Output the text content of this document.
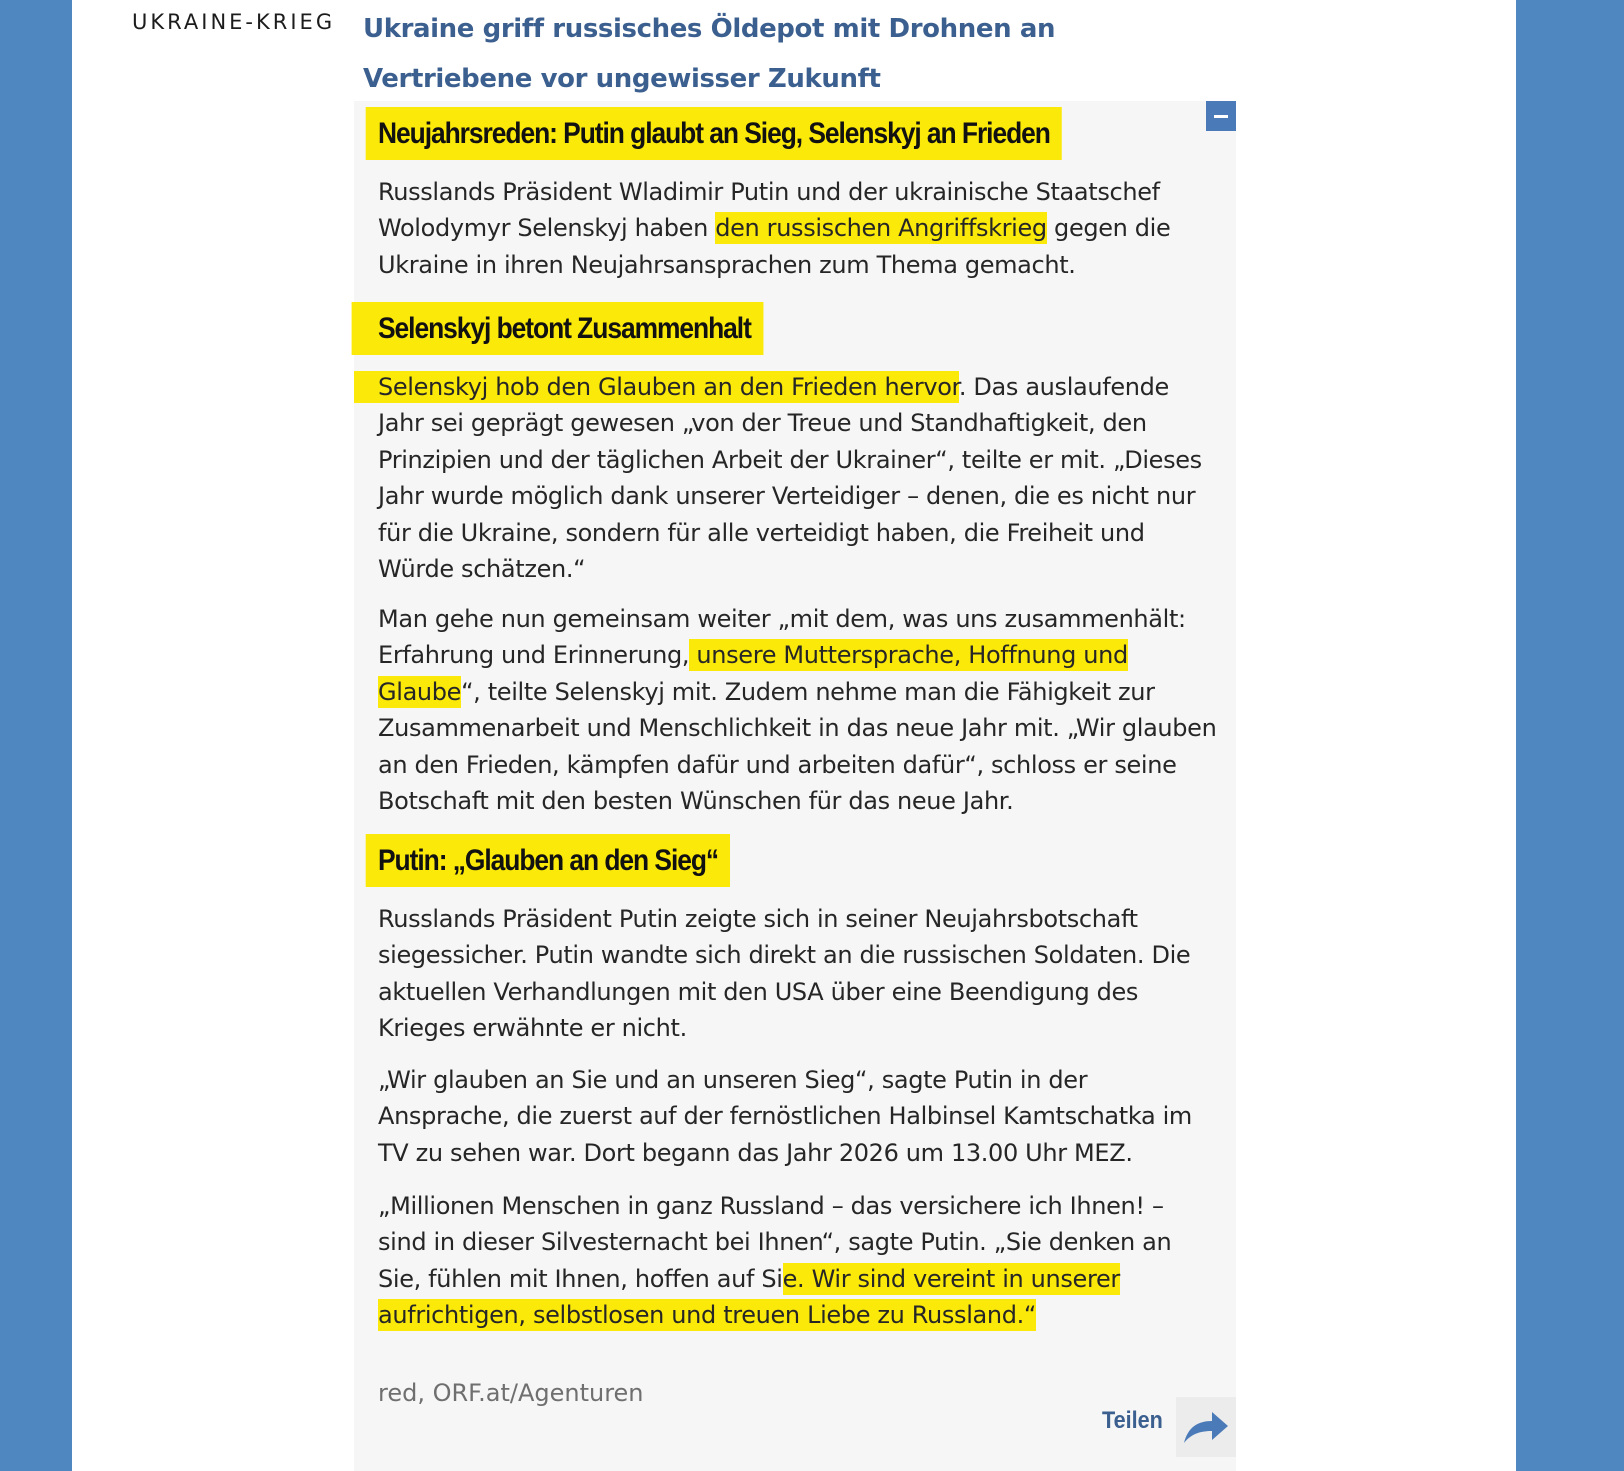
UKRAINE-KRIEG Ukraine griff russisches Öldepot mit Drohnen an
Vertriebene vor ungewisser Zukunft
Neujahrsreden: Putin glaubt an Sieg, Selenskyj an Frieden

Russlands Präsident Wladimir Putin und der ukrainische Staatschef Wolodymyr Selenskyj haben den russischen Angriffskrieg gegen die Ukraine in ihren Neujahrsansprachen zum Thema gemacht.

Selenskyj betont Zusammenhalt

Selenskyj hob den Glauben an den Frieden hervor. Das auslaufende Jahr sei geprägt gewesen „von der Treue und Standhaftigkeit, den Prinzipien und der täglichen Arbeit der Ukrainer“, teilte er mit. „Dieses Jahr wurde möglich dank unserer Verteidiger – denen, die es nicht nur für die Ukraine, sondern für alle verteidigt haben, die Freiheit und Würde schätzen.“

Man gehe nun gemeinsam weiter „mit dem, was uns zusammenhält: Erfahrung und Erinnerung, unsere Muttersprache, Hoffnung und Glaube“, teilte Selenskyj mit. Zudem nehme man die Fähigkeit zur Zusammenarbeit und Menschlichkeit in das neue Jahr mit. „Wir glauben an den Frieden, kämpfen dafür und arbeiten dafür“, schloss er seine Botschaft mit den besten Wünschen für das neue Jahr.

Putin: „Glauben an den Sieg“

Russlands Präsident Putin zeigte sich in seiner Neujahrsbotschaft siegessicher. Putin wandte sich direkt an die russischen Soldaten. Die aktuellen Verhandlungen mit den USA über eine Beendigung des Krieges erwähnte er nicht.

„Wir glauben an Sie und an unseren Sieg“, sagte Putin in der Ansprache, die zuerst auf der fernöstlichen Halbinsel Kamtschatka im TV zu sehen war. Dort begann das Jahr 2026 um 13.00 Uhr MEZ.

„Millionen Menschen in ganz Russland – das versichere ich Ihnen! – sind in dieser Silvesternacht bei Ihnen“, sagte Putin. „Sie denken an Sie, fühlen mit Ihnen, hoffen auf Sie. Wir sind vereint in unserer aufrichtigen, selbstlosen und treuen Liebe zu Russland.“

red, ORF.at/Agenturen
Teilen
